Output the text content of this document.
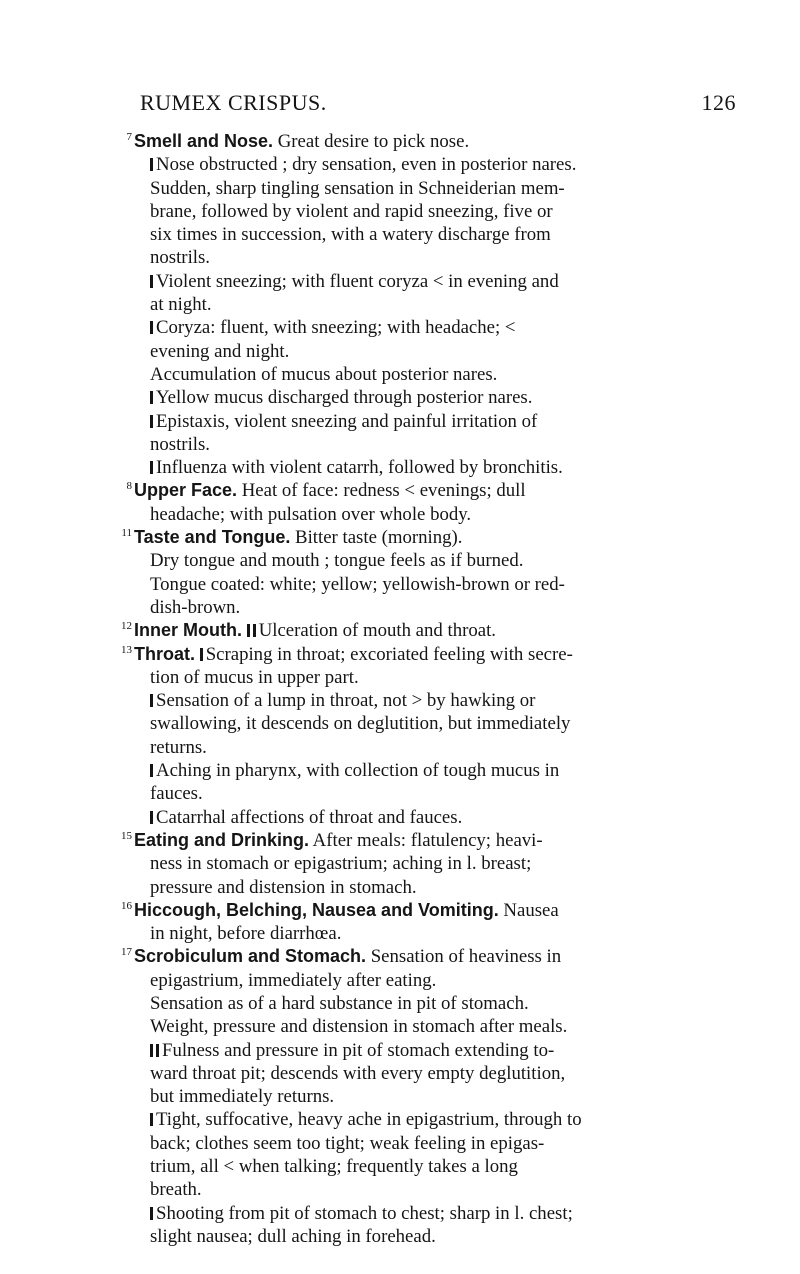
RUMEX CRISPUS.	126
7 Smell and Nose. Great desire to pick nose.
Nose obstructed ; dry sensation, even in posterior nares.
Sudden, sharp tingling sensation in Schneiderian mem-
brane, followed by violent and rapid sneezing, five or
six times in succession, with a watery discharge from
nostrils.
Violent sneezing; with fluent coryza < in evening and
at night.
Coryza: fluent, with sneezing; with headache; <
evening and night.
Accumulation of mucus about posterior nares.
Yellow mucus discharged through posterior nares.
Epistaxis, violent sneezing and painful irritation of
nostrils.
Influenza with violent catarrh, followed by bronchitis.
8 Upper Face. Heat of face: redness < evenings; dull
headache; with pulsation over whole body.
11 Taste and Tongue. Bitter taste (morning).
Dry tongue and mouth ; tongue feels as if burned.
Tongue coated: white; yellow; yellowish-brown or red-
dish-brown.
12 Inner Mouth. Ulceration of mouth and throat.
13 Throat. Scraping in throat; excoriated feeling with secre-
tion of mucus in upper part.
Sensation of a lump in throat, not > by hawking or
swallowing, it descends on deglutition, but immediately
returns.
Aching in pharynx, with collection of tough mucus in
fauces.
Catarrhal affections of throat and fauces.
15 Eating and Drinking. After meals: flatulency; heavi-
ness in stomach or epigastrium; aching in l. breast;
pressure and distension in stomach.
16 Hiccough, Belching, Nausea and Vomiting. Nausea
in night, before diarrhœa.
17 Scrobiculum and Stomach. Sensation of heaviness in
epigastrium, immediately after eating.
Sensation as of a hard substance in pit of stomach.
Weight, pressure and distension in stomach after meals.
Fulness and pressure in pit of stomach extending to-
ward throat pit; descends with every empty deglutition,
but immediately returns.
Tight, suffocative, heavy ache in epigastrium, through to
back; clothes seem too tight; weak feeling in epigas-
trium, all < when talking; frequently takes a long
breath.
Shooting from pit of stomach to chest; sharp in l. chest;
slight nausea; dull aching in forehead.
